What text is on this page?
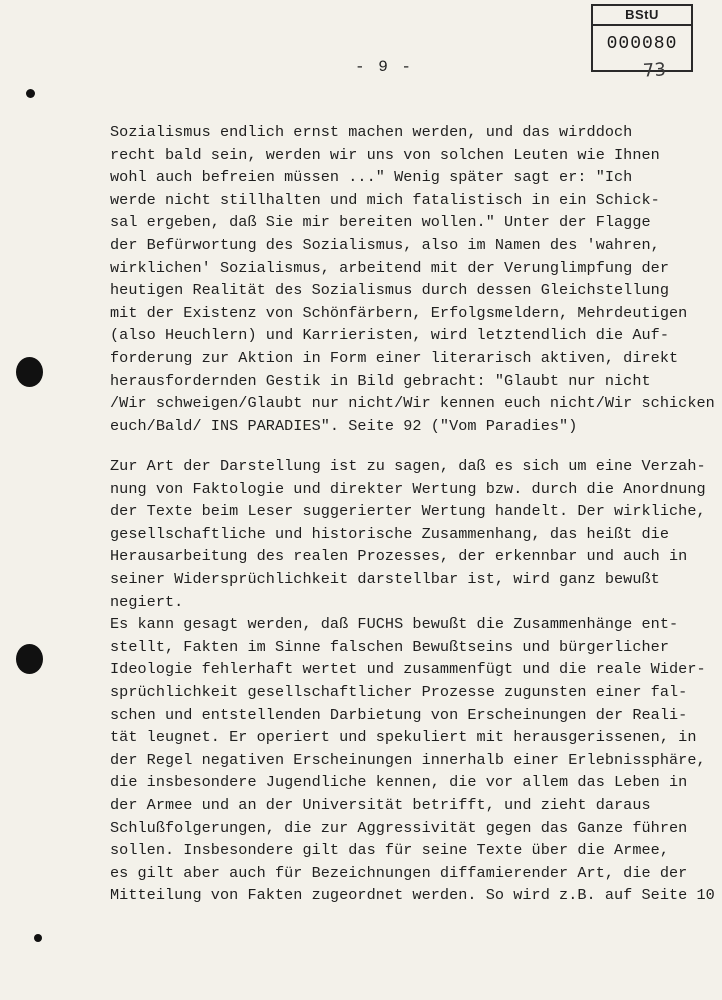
BStU
000080
73
- 9 -
Sozialismus endlich ernst machen werden, und das wirddoch
recht bald sein, werden wir uns von solchen Leuten wie Ihnen
wohl auch befreien müssen ..." Wenig später sagt er: "Ich
werde nicht stillhalten und mich fatalistisch in ein Schick-
sal ergeben, daß Sie mir bereiten wollen." Unter der Flagge
der Befürwortung des Sozialismus, also im Namen des 'wahren,
wirklichen' Sozialismus, arbeitend mit der Verunglimpfung der
heutigen Realität des Sozialismus durch dessen Gleichstellung
mit der Existenz von Schönfärbern, Erfolgsmeldern, Mehrdeutigen
(also Heuchlern) und Karrieristen, wird letztendlich die Auf-
forderung zur Aktion in Form einer literarisch aktiven, direkt
herausfordernden Gestik in Bild gebracht: "Glaubt nur nicht
/Wir schweigen/Glaubt nur nicht/Wir kennen euch nicht/Wir schicken
euch/Bald/ INS PARADIES". Seite 92 ("Vom Paradies")
Zur Art der Darstellung ist zu sagen, daß es sich um eine Verzah-
nung von Faktologie und direkter Wertung bzw. durch die Anordnung
der Texte beim Leser suggerierter Wertung handelt. Der wirkliche,
gesellschaftliche und historische Zusammenhang, das heißt die
Herausarbeitung des realen Prozesses, der erkennbar und auch in
seiner Widersprüchlichkeit darstellbar ist, wird ganz bewußt
negiert.
Es kann gesagt werden, daß FUCHS bewußt die Zusammenhänge ent-
stellt, Fakten im Sinne falschen Bewußtseins und bürgerlicher
Ideologie fehlerhaft wertet und zusammenfügt und die reale Wider-
sprüchlichkeit gesellschaftlicher Prozesse zugunsten einer fal-
schen und entstellenden Darbietung von Erscheinungen der Reali-
tät leugnet. Er operiert und spekuliert mit herausgerissenen, in
der Regel negativen Erscheinungen innerhalb einer Erlebnissphäre,
die insbesondere Jugendliche kennen, die vor allem das Leben in
der Armee und an der Universität betrifft, und zieht daraus
Schlußfolgerungen, die zur Aggressivität gegen das Ganze führen
sollen. Insbesondere gilt das für seine Texte über die Armee,
es gilt aber auch für Bezeichnungen diffamierender Art, die der
Mitteilung von Fakten zugeordnet werden. So wird z.B. auf Seite 10
